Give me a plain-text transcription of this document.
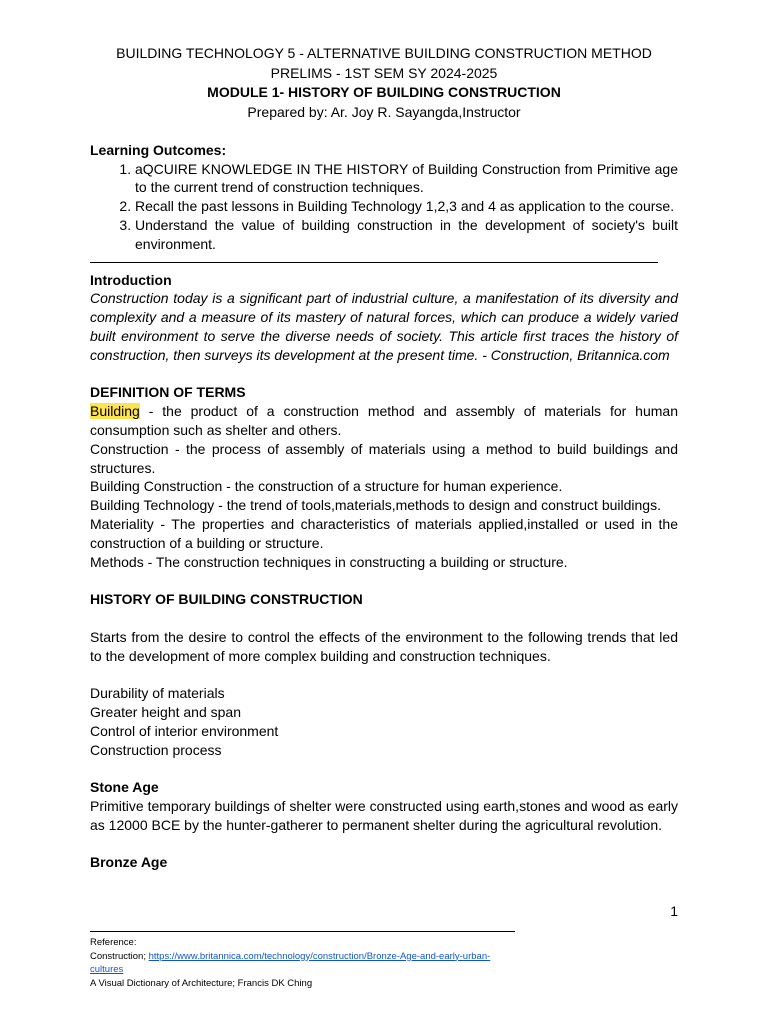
BUILDING TECHNOLOGY 5 - ALTERNATIVE BUILDING CONSTRUCTION METHOD
PRELIMS - 1ST SEM SY 2024-2025
MODULE 1- HISTORY OF BUILDING CONSTRUCTION
Prepared by: Ar. Joy R. Sayangda,Instructor
Learning Outcomes:
1. aQCUIRE KNOWLEDGE IN THE HISTORY of Building Construction from Primitive age to the current trend of construction techniques.
2. Recall the past lessons in Building Technology 1,2,3 and 4 as application to the course.
3. Understand the value of building construction in the development of society's built environment.
Introduction
Construction today is a significant part of industrial culture, a manifestation of its diversity and complexity and a measure of its mastery of natural forces, which can produce a widely varied built environment to serve the diverse needs of society. This article first traces the history of construction, then surveys its development at the present time. - Construction, Britannica.com
DEFINITION OF TERMS
Building - the product of a construction method and assembly of materials for human consumption such as shelter and others.
Construction - the process of assembly of materials using a method to build buildings and structures.
Building Construction - the construction of a structure for human experience.
Building Technology - the trend of tools,materials,methods to design and construct buildings.
Materiality - The properties and characteristics of materials applied,installed or used in the construction of a building or structure.
Methods - The construction techniques in constructing a building or structure.
HISTORY OF BUILDING CONSTRUCTION
Starts from the desire to control the effects of the environment to the following trends that led to the development of more complex building and construction techniques.
Durability of materials
Greater height and span
Control of interior environment
Construction process
Stone Age
Primitive temporary buildings of shelter were constructed using earth,stones and wood as early as 12000 BCE by the hunter-gatherer to permanent shelter during the agricultural revolution.
Bronze Age
1
Reference:
Construction; https://www.britannica.com/technology/construction/Bronze-Age-and-early-urban-cultures
A Visual Dictionary of Architecture; Francis DK Ching
